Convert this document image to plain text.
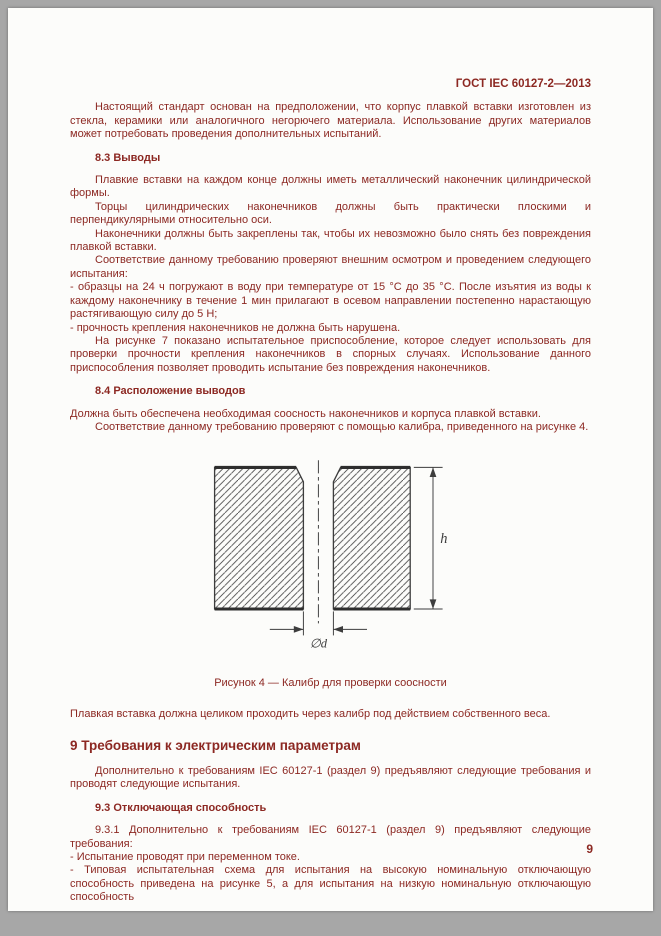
ГОСТ IEC 60127-2—2013

Настоящий стандарт основан на предположении, что корпус плавкой вставки изготовлен из стекла, керамики или аналогичного негорючего материала. Использование других материалов может потребовать проведения дополнительных испытаний.

8.3 Выводы

Плавкие вставки на каждом конце должны иметь металлический наконечник цилиндрической формы.

Торцы цилиндрических наконечников должны быть практически плоскими и перпендикулярными относительно оси.

Наконечники должны быть закреплены так, чтобы их невозможно было снять без повреждения плавкой вставки.

Соответствие данному требованию проверяют внешним осмотром и проведением следующего испытания:

- образцы на 24 ч погружают в воду при температуре от 15 °С до 35 °С. После изъятия из воды к каждому наконечнику в течение 1 мин прилагают в осевом направлении постепенно нарастающую растягивающую силу до 5 Н;

- прочность крепления наконечников не должна быть нарушена.

На рисунке 7 показано испытательное приспособление, которое следует использовать для проверки прочности крепления наконечников в спорных случаях. Использование данного приспособления позволяет проводить испытание без повреждения наконечников.

8.4 Расположение выводов

Должна быть обеспечена необходимая соосность наконечников и корпуса плавкой вставки.

Соответствие данному требованию проверяют с помощью калибра, приведенного на рисунке 4.

h
∅d

Рисунок 4 — Калибр для проверки соосности

Плавкая вставка должна целиком проходить через калибр под действием собственного веса.

9 Требования к электрическим параметрам

Дополнительно к требованиям IEC 60127-1 (раздел 9) предъявляют следующие требования и проводят следующие испытания.

9.3 Отключающая способность

9.3.1 Дополнительно к требованиям IEC 60127-1 (раздел 9) предъявляют следующие требования:

- Испытание проводят при переменном токе.

- Типовая испытательная схема для испытания на высокую номинальную отключающую способность приведена на рисунке 5, а для испытания на низкую номинальную отключающую способность

9
